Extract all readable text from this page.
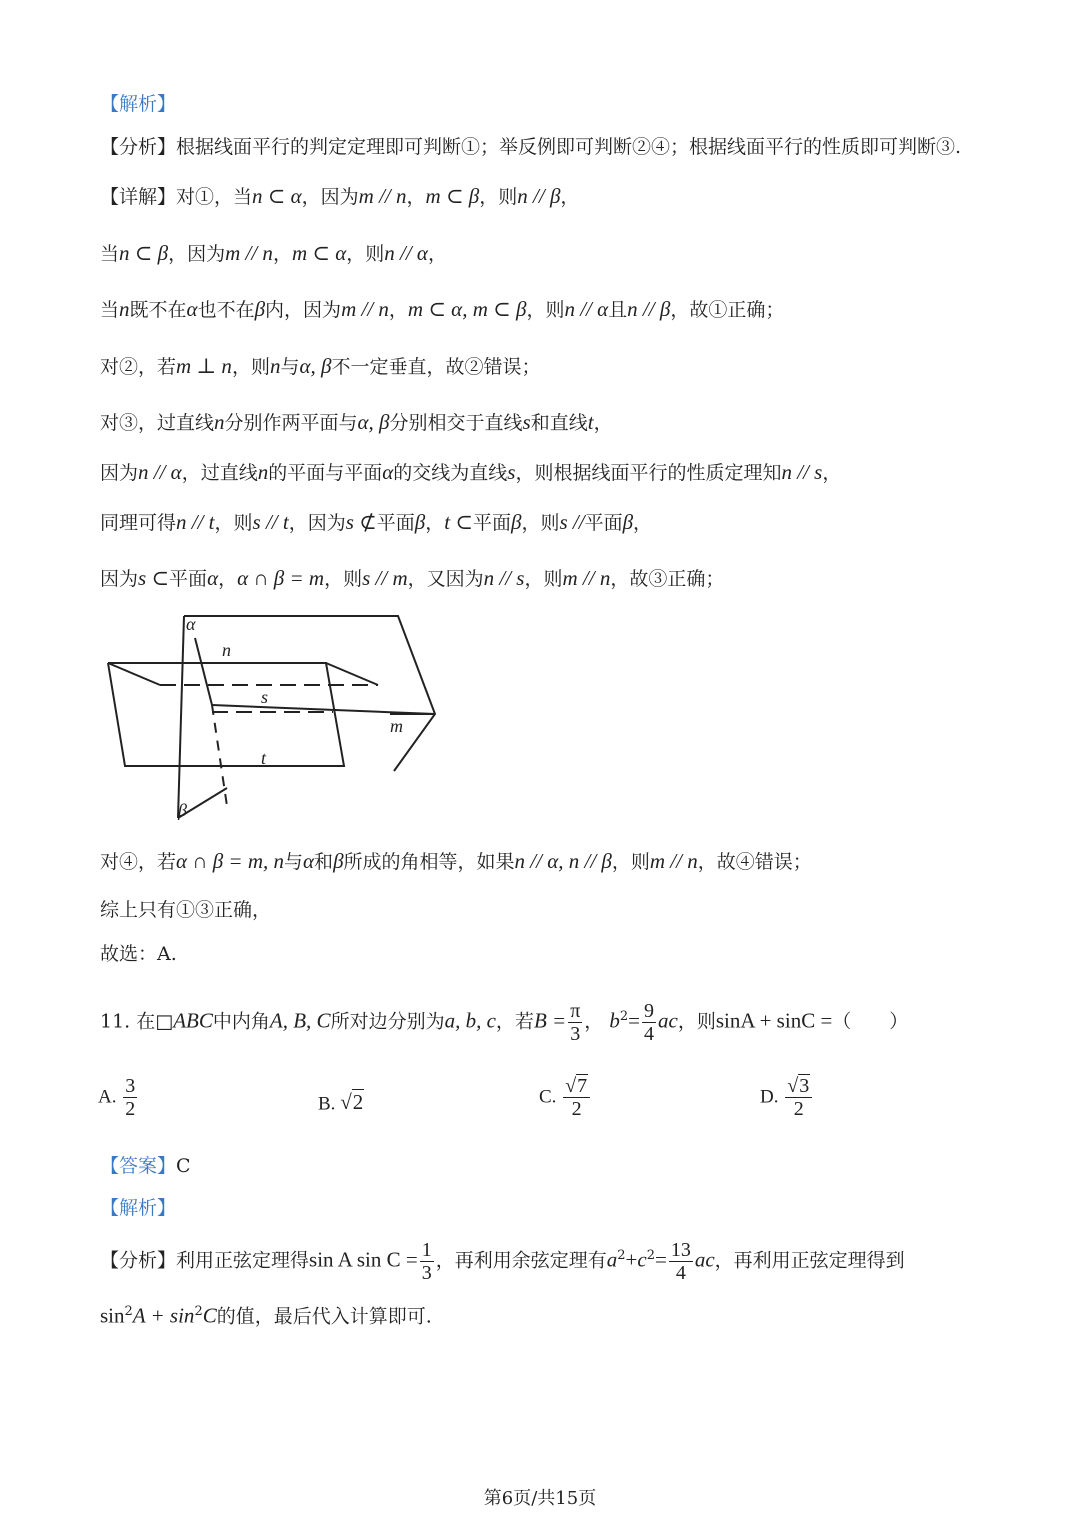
【解析】
【分析】根据线面平行的判定定理即可判断①；举反例即可判断②④；根据线面平行的性质即可判断③.
【详解】对①，当n ⊂ α，因为m // n，m ⊂ β，则n // β，
当n ⊂ β，因为m // n，m ⊂ α，则n // α，
当n既不在α也不在β内，因为m // n，m ⊂ α, m ⊂ β，则n // α且n // β，故①正确；
对②，若m ⊥ n，则n与α, β不一定垂直，故②错误；
对③，过直线n分别作两平面与α, β分别相交于直线s和直线t，
因为n // α，过直线n的平面与平面α的交线为直线s，则根据线面平行的性质定理知n // s，
同理可得n // t，则s // t，因为s ⊄平面β，t ⊂平面β，则s //平面β，
因为s ⊂平面α，α ∩ β = m，则s // m，又因为n // s，则m // n，故③正确；
α
n
s
t
m
β
对④，若α ∩ β = m, n与α和β所成的角相等，如果n // α, n // β，则m // n，故④错误；
综上只有①③正确，
故选：A.
11. 在□ABC中内角A, B, C所对边分别为a, b, c，若$B = \frac{\pi}{3}$ ， $b^2= \frac{9}{4}$ ac，则sinA + sinC =（　　）
A. $\frac{3}{2}$	B. √2	C. $\frac{√7}{2}$	D. $\frac{√3}{2}$
【答案】C
【解析】
【分析】利用正弦定理得sin A $\sin C = \frac{1}{3}$ ，再利用余弦定理有$a^2+c^2= \frac{13}{4}$ ac，再利用正弦定理得到
$\sin^2A + \sin^2C$的值，最后代入计算即可.
第6页/共15页
